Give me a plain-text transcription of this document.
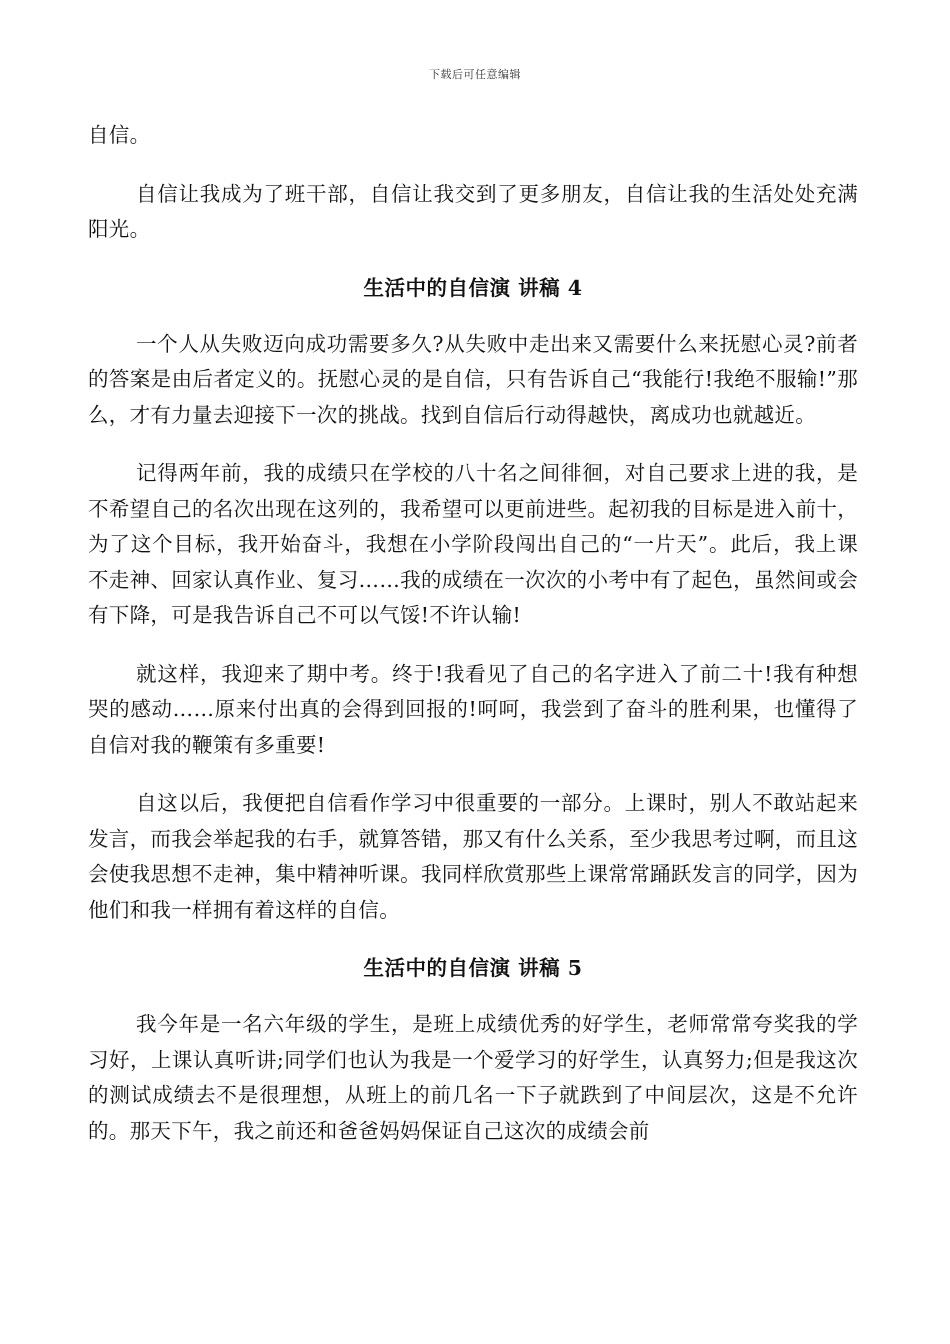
下载后可任意编辑

自信。

自信让我成为了班干部，自信让我交到了更多朋友，自信让我的生活处处充满阳光。

生活中的自信演 讲稿 4

一个人从失败迈向成功需要多久?从失败中走出来又需要什么来抚慰心灵?前者的答案是由后者定义的。抚慰心灵的是自信，只有告诉自己“我能行!我绝不服输!”那么，才有力量去迎接下一次的挑战。找到自信后行动得越快，离成功也就越近。

记得两年前，我的成绩只在学校的八十名之间徘徊，对自己要求上进的我，是不希望自己的名次出现在这列的，我希望可以更前进些。起初我的目标是进入前十，为了这个目标，我开始奋斗，我想在小学阶段闯出自己的“一片天”。此后，我上课不走神、回家认真作业、复习……我的成绩在一次次的小考中有了起色，虽然间或会有下降，可是我告诉自己不可以气馁!不许认输!

就这样，我迎来了期中考。终于!我看见了自己的名字进入了前二十!我有种想哭的感动……原来付出真的会得到回报的!呵呵，我尝到了奋斗的胜利果，也懂得了自信对我的鞭策有多重要!

自这以后，我便把自信看作学习中很重要的一部分。上课时，别人不敢站起来发言，而我会举起我的右手，就算答错，那又有什么关系，至少我思考过啊，而且这会使我思想不走神，集中精神听课。我同样欣赏那些上课常常踊跃发言的同学，因为他们和我一样拥有着这样的自信。

生活中的自信演 讲稿 5

我今年是一名六年级的学生，是班上成绩优秀的好学生，老师常常夸奖我的学习好，上课认真听讲;同学们也认为我是一个爱学习的好学生，认真努力;但是我这次的测试成绩去不是很理想，从班上的前几名一下子就跌到了中间层次，这是不允许的。那天下午，我之前还和爸爸妈妈保证自己这次的成绩会前
